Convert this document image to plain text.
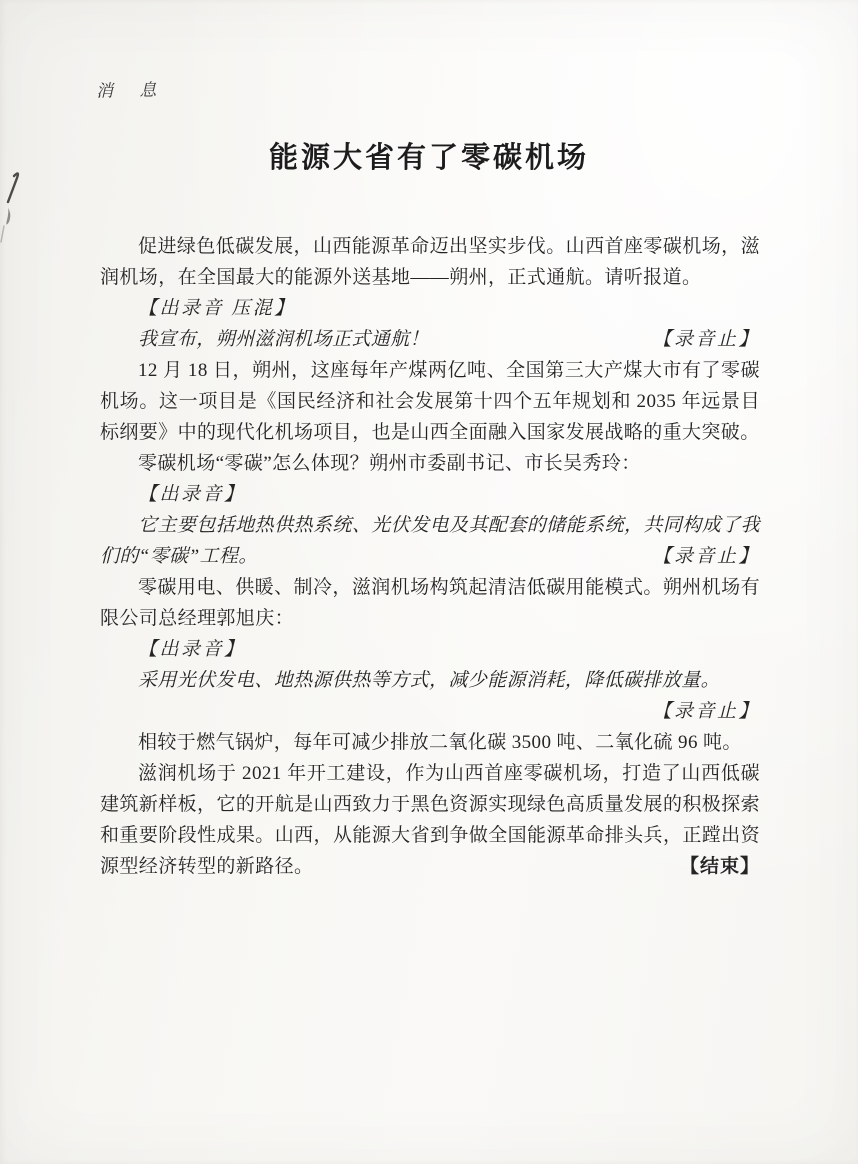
消 息
能源大省有了零碳机场

促进绿色低碳发展，山西能源革命迈出坚实步伐。山西首座零碳机场，滋润机场，在全国最大的能源外送基地——朔州，正式通航。请听报道。

【出录音 压混】

【录音止】
我宣布，朔州滋润机场正式通航！

12 月 18 日，朔州，这座每年产煤两亿吨、全国第三大产煤大市有了零碳机场。这一项目是《国民经济和社会发展第十四个五年规划和 2035 年远景目标纲要》中的现代化机场项目，也是山西全面融入国家发展战略的重大突破。

零碳机场“零碳”怎么体现？朔州市委副书记、市长吴秀玲：

【出录音】

它主要包括地热供热系统、光伏发电及其配套的储能系统，共同构成了我们的“零碳”工程。	【录音止】

零碳用电、供暖、制冷，滋润机场构筑起清洁低碳用能模式。朔州机场有限公司总经理郭旭庆：

【出录音】

采用光伏发电、地热源供热等方式，减少能源消耗，降低碳排放量。

【录音止】

相较于燃气锅炉，每年可减少排放二氧化碳 3500 吨、二氧化硫 96 吨。

滋润机场于 2021 年开工建设，作为山西首座零碳机场，打造了山西低碳建筑新样板，它的开航是山西致力于黑色资源实现绿色高质量发展的积极探索和重要阶段性成果。山西，从能源大省到争做全国能源革命排头兵，正蹚出资源型经济转型的新路径。	【结束】
